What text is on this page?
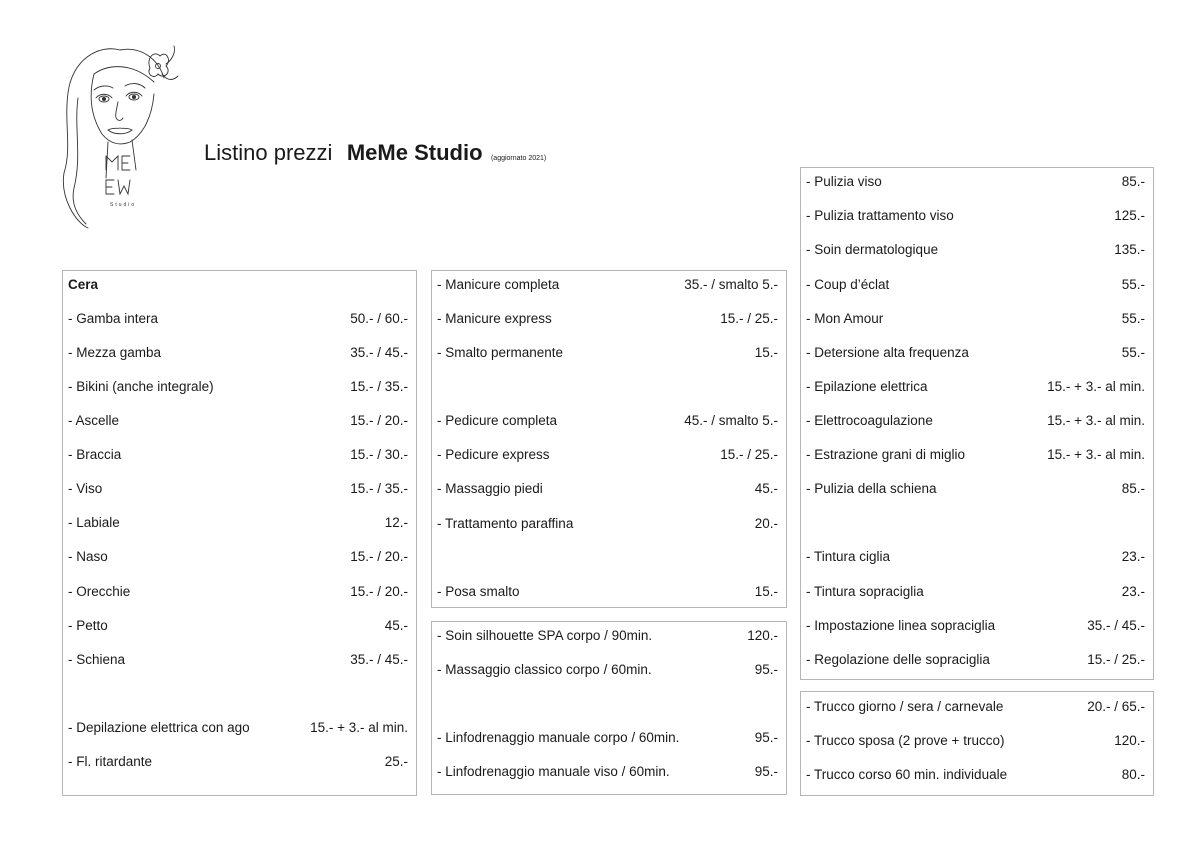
Studio
Listino prezzi MeMe Studio (aggiornato 2021)
Cera
- Gamba intera	50.- / 60.-
- Mezza gamba	35.- / 45.-
- Bikini (anche integrale)	15.- / 35.-
- Ascelle	15.- / 20.-
- Braccia	15.- / 30.-
- Viso	15.- / 35.-
- Labiale	12.-
- Naso	15.- / 20.-
- Orecchie	15.- / 20.-
- Petto	45.-
- Schiena	35.- / 45.-
- Depilazione elettrica con ago	15.- + 3.- al min.
- Fl. ritardante	25.-
- Manicure completa	35.- / smalto 5.-
- Manicure express	15.- / 25.-
- Smalto permanente	15.-
- Pedicure completa	45.- / smalto 5.-
- Pedicure express	15.- / 25.-
- Massaggio piedi	45.-
- Trattamento paraffina	20.-
- Posa smalto	15.-
- Soin silhouette SPA corpo / 90min.	120.-
- Massaggio classico corpo / 60min.	95.-
- Linfodrenaggio manuale corpo / 60min.	95.-
- Linfodrenaggio manuale viso / 60min.	95.-
- Pulizia viso	85.-
- Pulizia trattamento viso	125.-
- Soin dermatologique	135.-
- Coup d’éclat	55.-
- Mon Amour	55.-
- Detersione alta frequenza	55.-
- Epilazione elettrica	15.- + 3.- al min.
- Elettrocoagulazione	15.- + 3.- al min.
- Estrazione grani di miglio	15.- + 3.- al min.
- Pulizia della schiena	85.-
- Tintura ciglia	23.-
- Tintura sopraciglia	23.-
- Impostazione linea sopraciglia	35.- / 45.-
- Regolazione delle sopraciglia	15.- / 25.-
- Trucco giorno / sera / carnevale	20.- / 65.-
- Trucco sposa (2 prove + trucco)	120.-
- Trucco corso 60 min. individuale	80.-
